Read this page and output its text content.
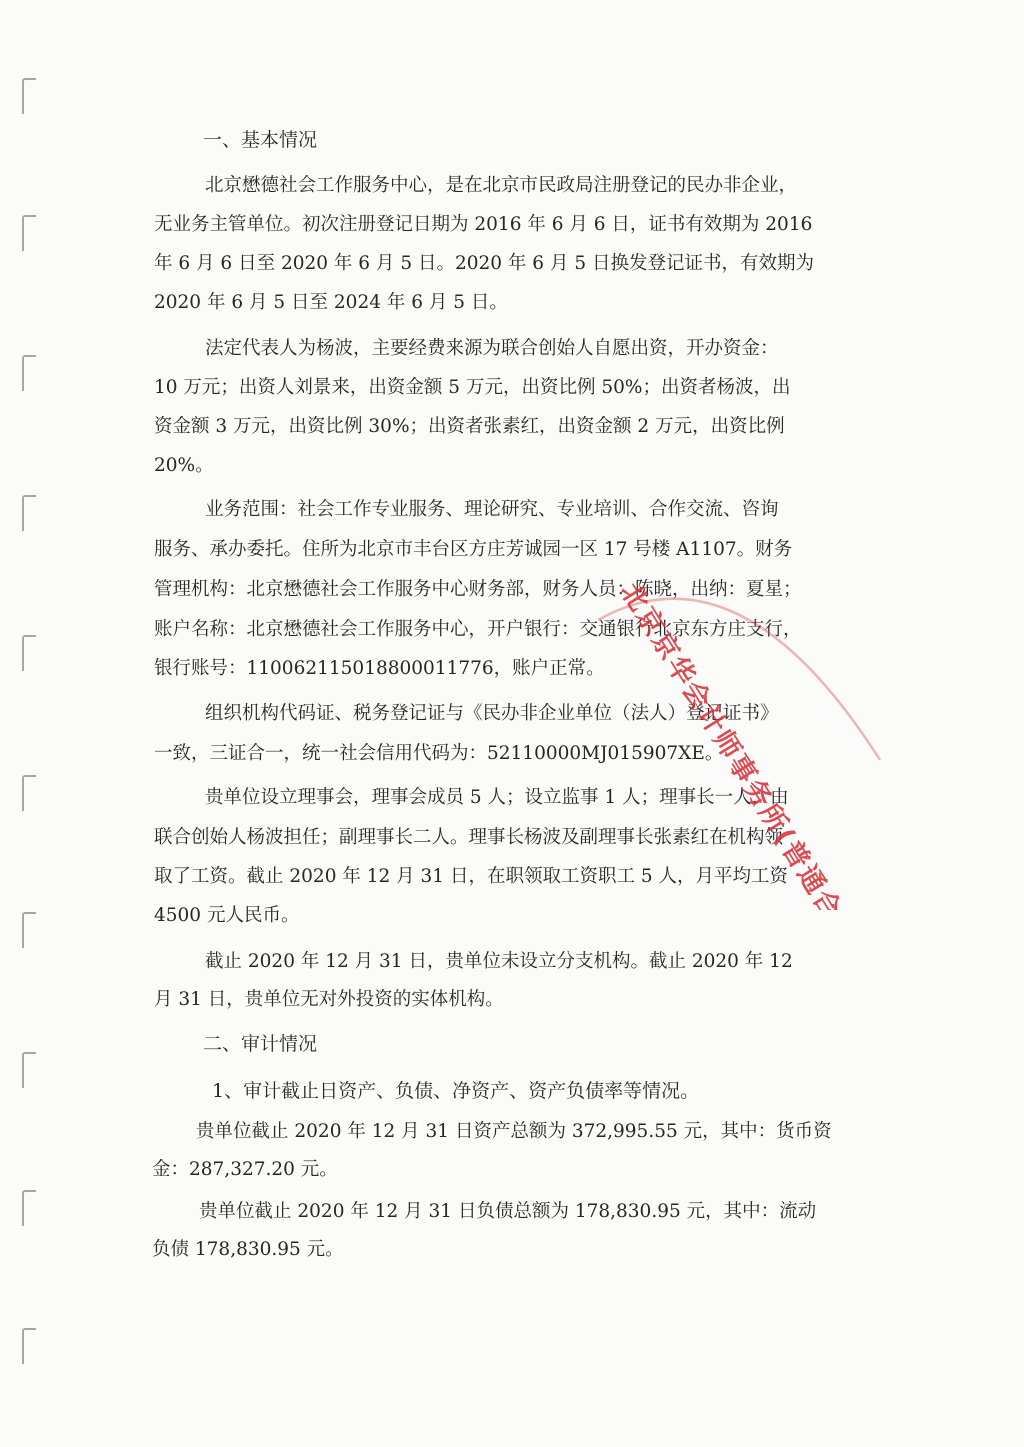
一、基本情况
北京懋德社会工作服务中心，是在北京市民政局注册登记的民办非企业，
无业务主管单位。初次注册登记日期为 2016 年 6 月 6 日，证书有效期为 2016
年 6 月 6 日至 2020 年 6 月 5 日。2020 年 6 月 5 日换发登记证书，有效期为
2020 年 6 月 5 日至 2024 年 6 月 5 日。
法定代表人为杨波，主要经费来源为联合创始人自愿出资，开办资金：
10 万元；出资人刘景来，出资金额 5 万元，出资比例 50%；出资者杨波，出
资金额 3 万元，出资比例 30%；出资者张素红，出资金额 2 万元，出资比例
20%。
业务范围：社会工作专业服务、理论研究、专业培训、合作交流、咨询
服务、承办委托。住所为北京市丰台区方庄芳诚园一区 17 号楼 A1107。财务
管理机构：北京懋德社会工作服务中心财务部，财务人员：陈晓，出纳：夏星；
账户名称：北京懋德社会工作服务中心，开户银行：交通银行北京东方庄支行，
银行账号：110062115018800011776，账户正常。
组织机构代码证、税务登记证与《民办非企业单位（法人）登记证书》
一致，三证合一，统一社会信用代码为：52110000MJ015907XE。
贵单位设立理事会，理事会成员 5 人；设立监事 1 人；理事长一人，由
联合创始人杨波担任；副理事长二人。理事长杨波及副理事长张素红在机构领
取了工资。截止 2020 年 12 月 31 日，在职领取工资职工 5 人，月平均工资
4500 元人民币。
截止 2020 年 12 月 31 日，贵单位未设立分支机构。截止 2020 年 12
月 31 日，贵单位无对外投资的实体机构。
二、审计情况
1、审计截止日资产、负债、净资产、资产负债率等情况。
贵单位截止 2020 年 12 月 31 日资产总额为 372,995.55 元，其中：货币资
金：287,327.20 元。
贵单位截止 2020 年 12 月 31 日负债总额为 178,830.95 元，其中：流动
负债 178,830.95 元。
北京京华会计师事务所(普通合伙)
